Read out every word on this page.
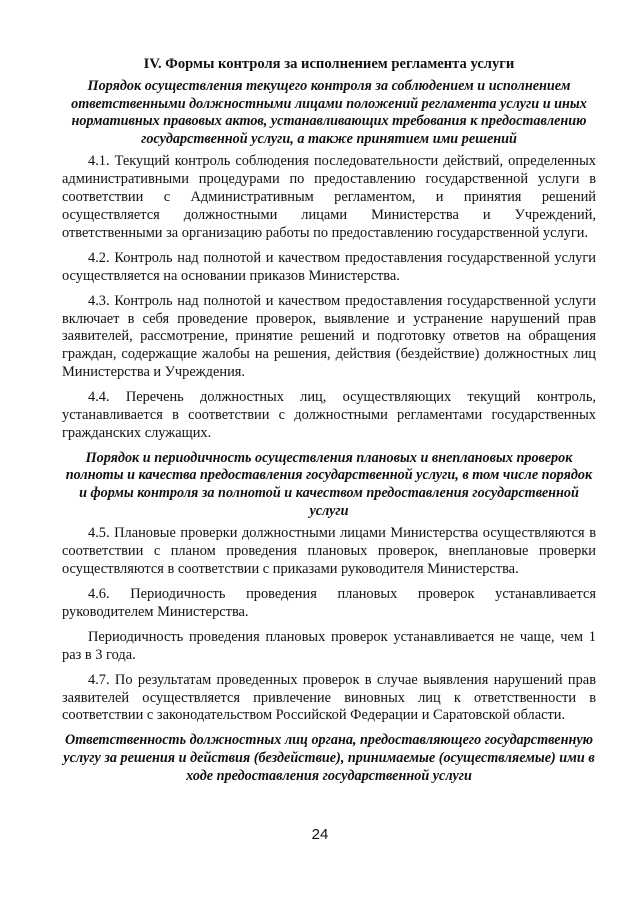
IV. Формы контроля за исполнением регламента услуги
Порядок осуществления текущего контроля за соблюдением и исполнением ответственными должностными лицами положений регламента услуги и иных нормативных правовых актов, устанавливающих требования к предоставлению государственной услуги, а также принятием ими решений
4.1. Текущий контроль соблюдения последовательности действий, определенных административными процедурами по предоставлению государственной услуги в соответствии с Административным регламентом, и принятия решений осуществляется должностными лицами Министерства и Учреждений, ответственными за организацию работы по предоставлению государственной услуги.
4.2. Контроль над полнотой и качеством предоставления государственной услуги осуществляется на основании приказов Министерства.
4.3. Контроль над полнотой и качеством предоставления государственной услуги включает в себя проведение проверок, выявление и устранение нарушений прав заявителей, рассмотрение, принятие решений и подготовку ответов на обращения граждан, содержащие жалобы на решения, действия (бездействие) должностных лиц Министерства и Учреждения.
4.4. Перечень должностных лиц, осуществляющих текущий контроль, устанавливается в соответствии с должностными регламентами государственных гражданских служащих.
Порядок и периодичность осуществления плановых и внеплановых проверок полноты и качества предоставления государственной услуги, в том числе порядок и формы контроля за полнотой и качеством предоставления государственной услуги
4.5. Плановые проверки должностными лицами Министерства осуществляются в соответствии с планом проведения плановых проверок, внеплановые проверки осуществляются в соответствии с приказами руководителя Министерства.
4.6. Периодичность проведения плановых проверок устанавливается руководителем Министерства.
Периодичность проведения плановых проверок устанавливается не чаще, чем 1 раз в 3 года.
4.7. По результатам проведенных проверок в случае выявления нарушений прав заявителей осуществляется привлечение виновных лиц к ответственности в соответствии с законодательством Российской Федерации и Саратовской области.
Ответственность должностных лиц органа, предоставляющего государственную услугу за решения и действия (бездействие), принимаемые (осуществляемые) ими в ходе предоставления государственной услуги
24
